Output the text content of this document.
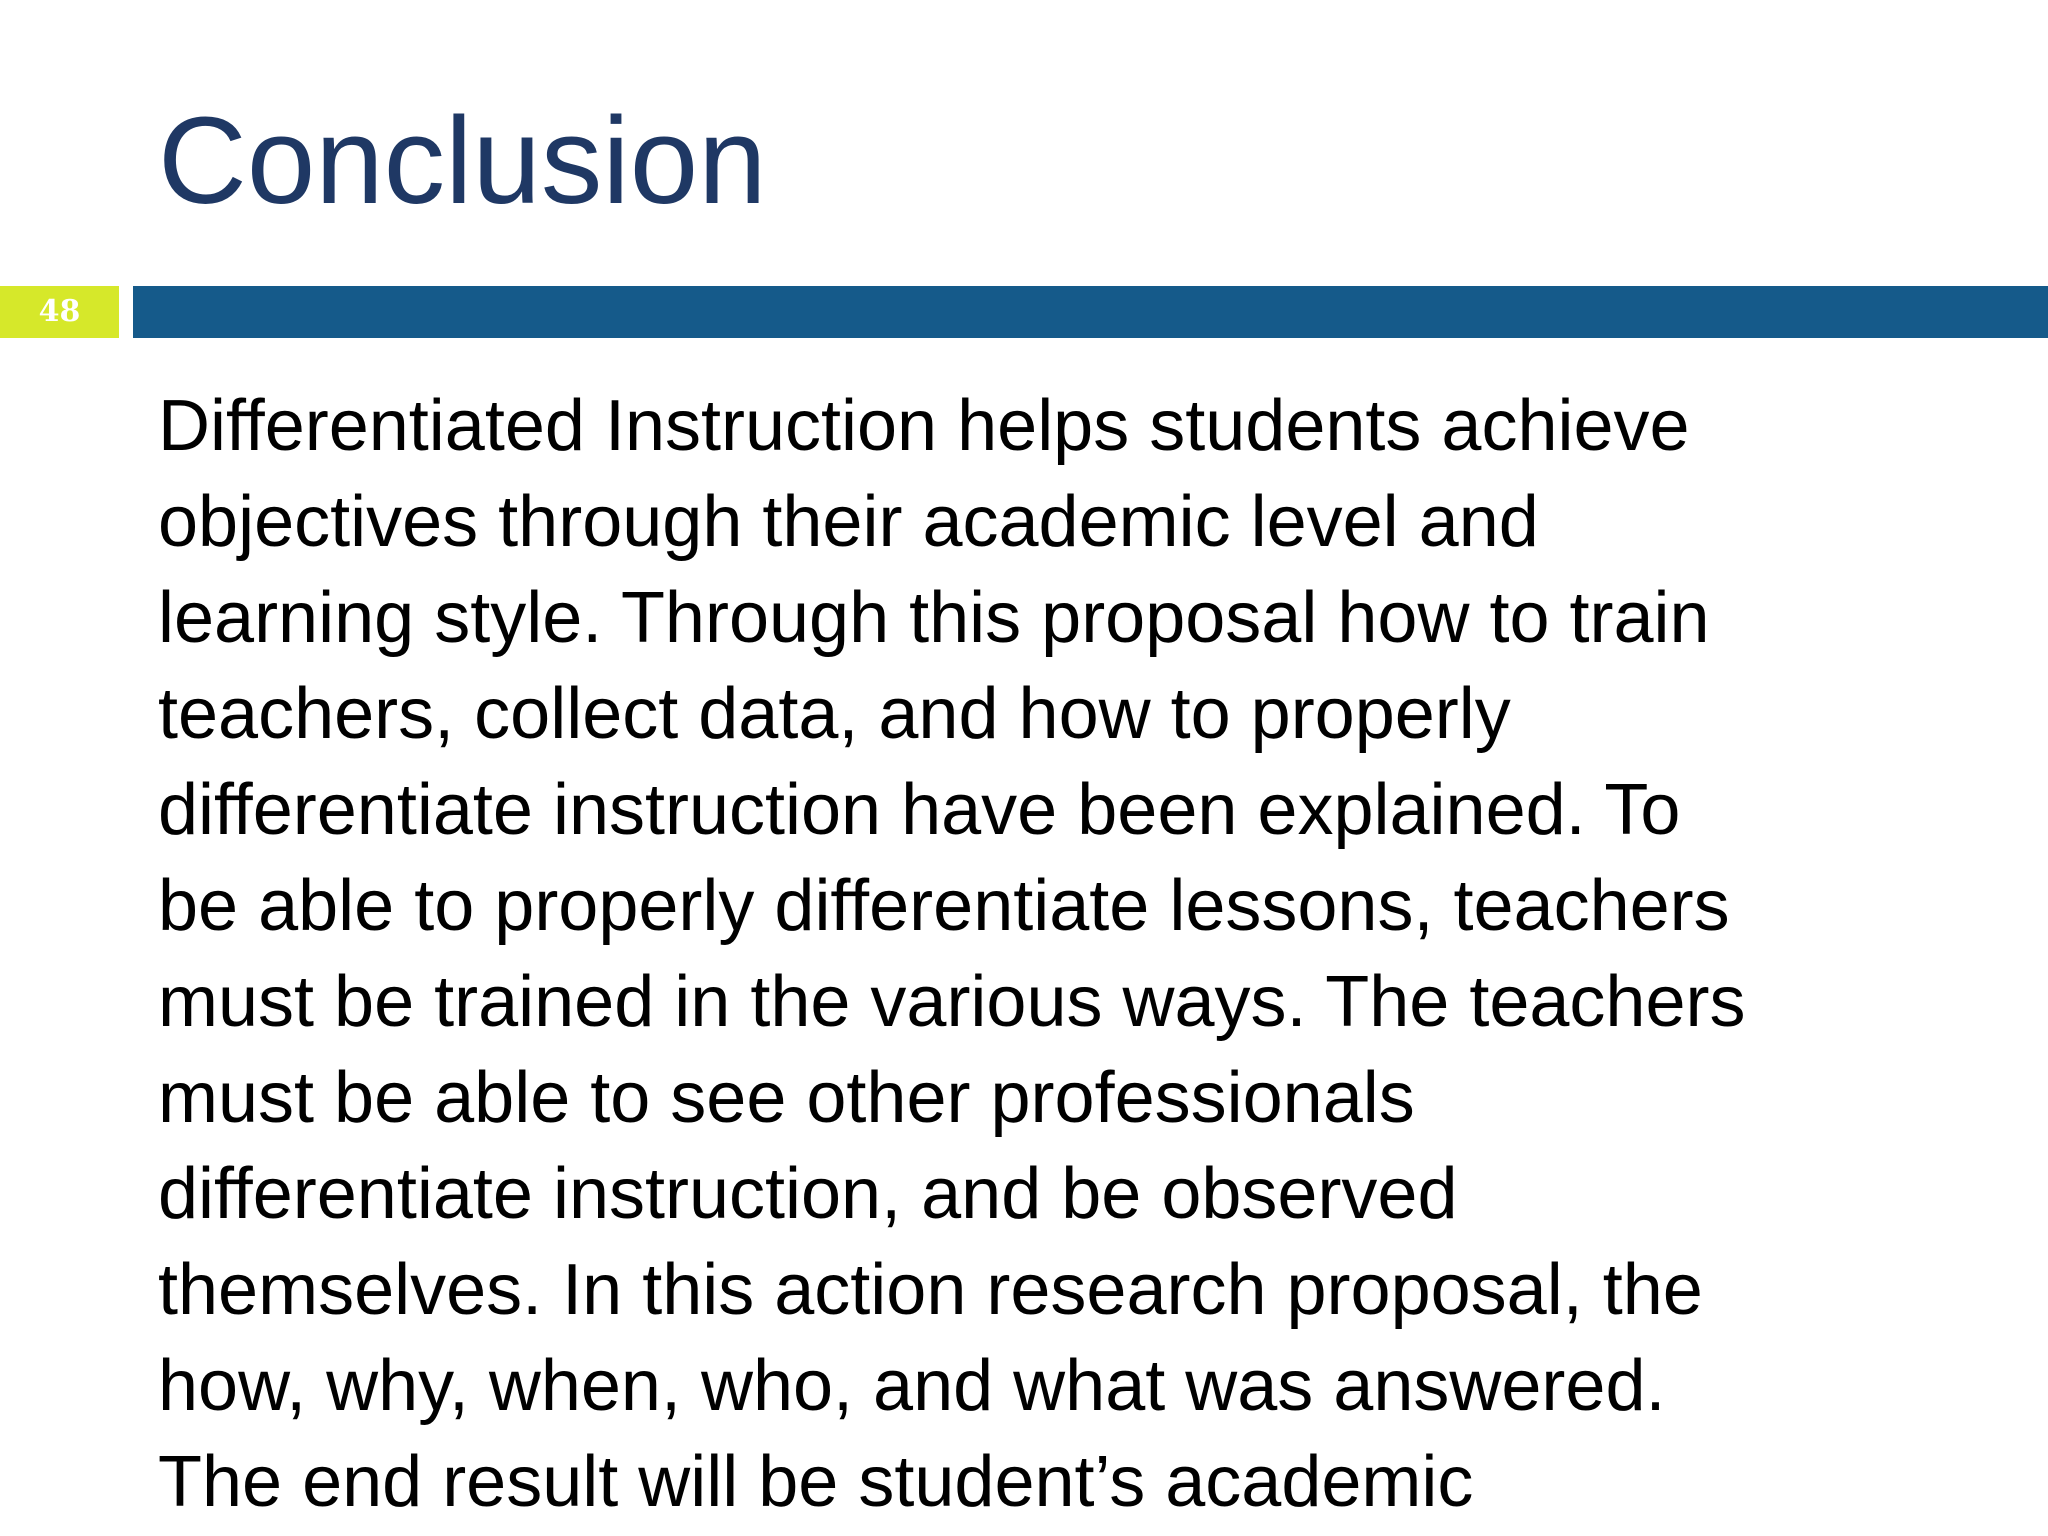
Conclusion
48
Differentiated Instruction helps students achieve
objectives through their academic level and
learning style. Through this proposal how to train
teachers, collect data, and how to properly
differentiate instruction have been explained. To
be able to properly differentiate lessons, teachers
must be trained in the various ways. The teachers
must be able to see other professionals
differentiate instruction, and be observed
themselves. In this action research proposal, the
how, why, when, who, and what was answered.
The end result will be student’s academic
